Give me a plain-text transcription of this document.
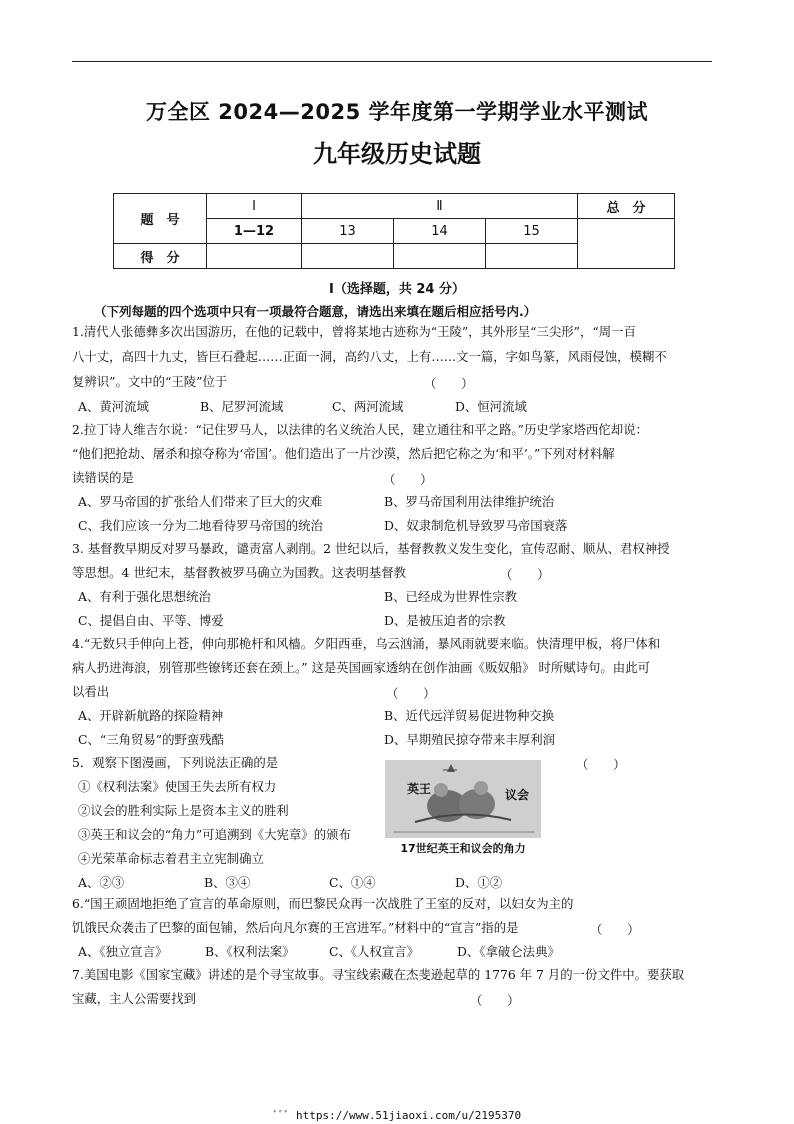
万全区 2024—2025 学年度第一学期学业水平测试
九年级历史试题
题　号	Ⅰ	Ⅱ			总　分
	1—12	13	14	15	
得　分					
Ⅰ（选择题，共 24 分）
（下列每题的四个选项中只有一项最符合题意，请选出来填在题后相应括号内.）
1.清代人张德彝多次出国游历，在他的记载中，曾将某地古迹称为“王陵”，其外形呈“三尖形”，“周一百
八十丈，高四十九丈，皆巨石叠起……正面一洞，高约八丈，上有……文一篇，字如鸟篆，风雨侵蚀，模糊不
复辨识”。文中的“王陵”位于	（　　）
A、黄河流域	B、尼罗河流域	C、两河流域	D、恒河流域
2.拉丁诗人维吉尔说：“记住罗马人，以法律的名义统治人民，建立通往和平之路。”历史学家塔西佗却说：
“他们把抢劫、屠杀和掠夺称为‘帝国’。他们造出了一片沙漠，然后把它称之为‘和平’。”下列对材料解
读错误的是	（　　）
A、罗马帝国的扩张给人们带来了巨大的灾难	B、罗马帝国利用法律维护统治
C、我们应该一分为二地看待罗马帝国的统治	D、奴隶制危机导致罗马帝国衰落
3. 基督教早期反对罗马暴政，谴责富人剥削。2 世纪以后，基督教教义发生变化，宣传忍耐、顺从、君权神授
等思想。4 世纪末，基督教被罗马确立为国教。这表明基督教	（　　）
A、有利于强化思想统治	B、已经成为世界性宗教
C、提倡自由、平等、博爱	D、是被压迫者的宗教
4.“无数只手伸向上苍，伸向那桅杆和风樯。夕阳西垂，乌云汹涌，暴风雨就要来临。快清理甲板，将尸体和
病人扔进海浪，别管那些镣铐还套在颈上。” 这是英国画家透纳在创作油画《贩奴船》 时所赋诗句。由此可
以看出	（　　）
A、开辟新航路的探险精神	B、近代远洋贸易促进物种交换
C、“三角贸易”的野蛮残酷	D、早期殖民掠夺带来丰厚利润
5．观察下图漫画，下列说法正确的是	（　　）
①《权利法案》使国王失去所有权力
②议会的胜利实际上是资本主义的胜利
③英王和议会的“角力”可追溯到《大宪章》的颁布
④光荣革命标志着君主立宪制确立
A、②③	B、③④	C、①④	D、①②
英王	议会
17世纪英王和议会的角力
6.“国王顽固地拒绝了宣言的革命原则，而巴黎民众再一次战胜了王室的反对，以妇女为主的
饥饿民众袭击了巴黎的面包铺，然后向凡尔赛的王宫进军。”材料中的“宣言”指的是	（　　）
A、《独立宣言》	B、《权利法案》	C、《人权宣言》	D、《拿破仑法典》
7.美国电影《国家宝藏》讲述的是个寻宝故事。寻宝线索藏在杰斐逊起草的 1776 年 7 月的一份文件中。要获取
宝藏，主人公需要找到	（　　）
ﾞﾞﾞ https://www.51jiaoxi.com/u/2195370
